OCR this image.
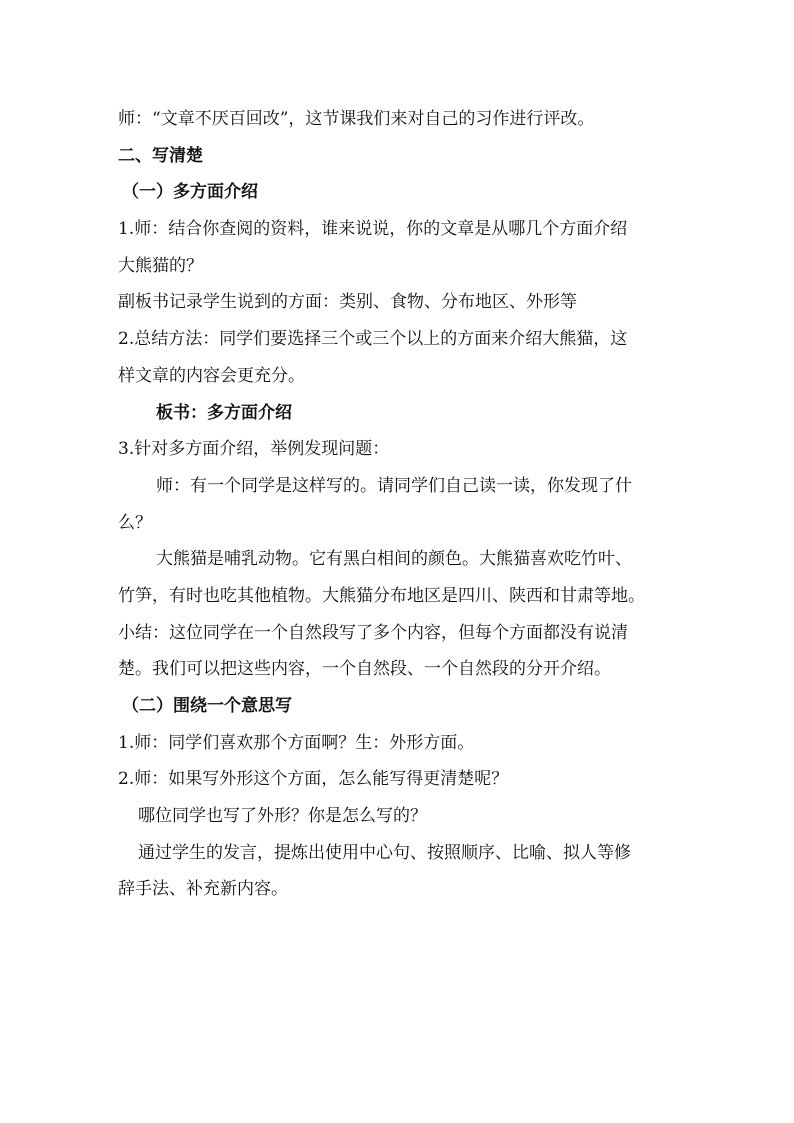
师：“文章不厌百回改”，这节课我们来对自己的习作进行评改。
二、写清楚
（一）多方面介绍
1.师：结合你查阅的资料，谁来说说，你的文章是从哪几个方面介绍
大熊猫的？
副板书记录学生说到的方面：类别、食物、分布地区、外形等
2.总结方法：同学们要选择三个或三个以上的方面来介绍大熊猫，这
样文章的内容会更充分。
板书：多方面介绍
3.针对多方面介绍，举例发现问题：
师：有一个同学是这样写的。请同学们自己读一读，你发现了什
么？
大熊猫是哺乳动物。它有黑白相间的颜色。大熊猫喜欢吃竹叶、
竹笋，有时也吃其他植物。大熊猫分布地区是四川、陕西和甘肃等地。
小结：这位同学在一个自然段写了多个内容，但每个方面都没有说清
楚。我们可以把这些内容，一个自然段、一个自然段的分开介绍。
（二）围绕一个意思写
1.师：同学们喜欢那个方面啊？生：外形方面。
2.师：如果写外形这个方面，怎么能写得更清楚呢？
哪位同学也写了外形？你是怎么写的？
通过学生的发言，提炼出使用中心句、按照顺序、比喻、拟人等修
辞手法、补充新内容。
